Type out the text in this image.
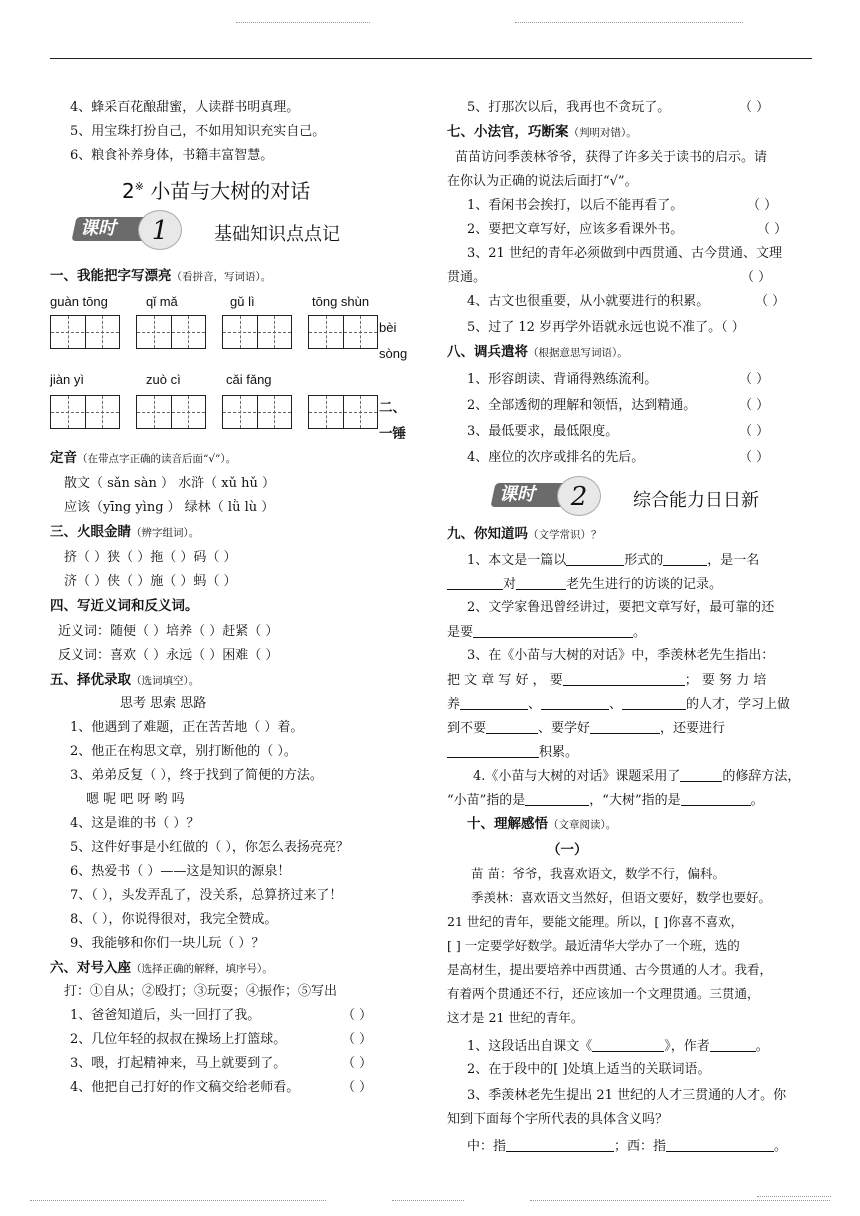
4、蜂采百花酿甜蜜，人读群书明真理。
5、用宝珠打扮自己，不如用知识充实自己。
6、粮食补养身体，书籍丰富智慧。
2※ 小苗与大树的对话
课时	1	基础知识点点记
一、我能把字写漂亮（看拼音，写词语）。
guàn tōng	qǐ mǎ	gǔ lì	tōng shùn
bèi
sòng
jiàn yì	zuò cì	cǎi fǎng
二、
一锤
定音（在带点字正确的读音后面“√”）。
散文（ sǎn sàn ） 水浒（ xǔ hǔ ）
应该（yīng yìng ） 绿林（ lǜ lù ）
三、火眼金睛（辨字组词）。
挤（ ）狭（ ）拖（ ）码（ ）
济（ ）侠（ ）施（ ）蚂（ ）
四、写近义词和反义词。
近义词：随便（ ）培养（ ）赶紧（ ）
反义词：喜欢（ ）永远（ ）困难（ ）
五、择优录取（选词填空）。
思考 思索 思路
1、他遇到了难题，正在苦苦地（ ）着。
2、他正在构思文章，别打断他的（ ）。
3、弟弟反复（ ），终于找到了简便的方法。
嗯 呢 吧 呀 哟 吗
4、这是谁的书（ ）？
5、这件好事是小红做的（ ），你怎么表扬亮亮？
6、热爱书（ ）——这是知识的源泉！
7、（ ），头发弄乱了，没关系，总算挤过来了！
8、（ ），你说得很对，我完全赞成。
9、我能够和你们一块儿玩（ ）？
六、对号入座（选择正确的解释，填序号）。
打：①自从；②殴打；③玩耍；④振作；⑤写出
1、爸爸知道后，头一回打了我。	（ ）
2、几位年轻的叔叔在操场上打篮球。	（ ）
3、喂，打起精神来，马上就要到了。	（ ）
4、他把自己打好的作文稿交给老师看。	（ ）
5、打那次以后，我再也不贪玩了。	（ ）
七、小法官，巧断案（判明对错）。
苗苗访问季羡林爷爷，获得了许多关于读书的启示。请
在你认为正确的说法后面打“√”。
1、看闲书会挨打，以后不能再看了。	（ ）
2、要把文章写好，应该多看课外书。	（ ）
3、21 世纪的青年必须做到中西贯通、古今贯通、文理
贯通。	（ ）
4、古文也很重要，从小就要进行的积累。	（ ）
5、过了 12 岁再学外语就永远也说不准了。（ ）
八、调兵遣将（根据意思写词语）。
1、形容朗读、背诵得熟练流利。	（ ）
2、全部透彻的理解和领悟，达到精通。	（ ）
3、最低要求，最低限度。	（ ）
4、座位的次序或排名的先后。	（ ）
课时	2	综合能力日日新
九、你知道吗（文学常识）？
1、本文是一篇以	形式的	，是一名
对	老先生进行的访谈的记录。
2、文学家鲁迅曾经讲过，要把文章写好，最可靠的还
是要	。
3、在《小苗与大树的对话》中，季羡林老先生指出：
把 文 章 写 好 ， 要	； 要 努 力 培
养	、	、	的人才，学习上做
到不要	、要学好	，还要进行
积累。
4.《小苗与大树的对话》课题采用了	的修辞方法，
“小苗”指的是	，“大树”指的是	。
十、理解感悟（文章阅读）。
（一）
苗 苗：爷爷，我喜欢语文，数学不行，偏科。
季羡林：喜欢语文当然好，但语文要好，数学也要好。
21 世纪的青年，要能文能理。所以，[ ]你喜不喜欢，
[ ] 一定要学好数学。最近清华大学办了一个班，选的
是高材生，提出要培养中西贯通、古今贯通的人才。我看，
有着两个贯通还不行，还应该加一个文理贯通。三贯通，
这才是 21 世纪的青年。
1、这段话出自课文《	》，作者	。
2、在于段中的[ ]处填上适当的关联词语。
3、季羡林老先生提出 21 世纪的人才三贯通的人才。你
知到下面每个字所代表的具体含义吗？
中：指	；西：指	。
